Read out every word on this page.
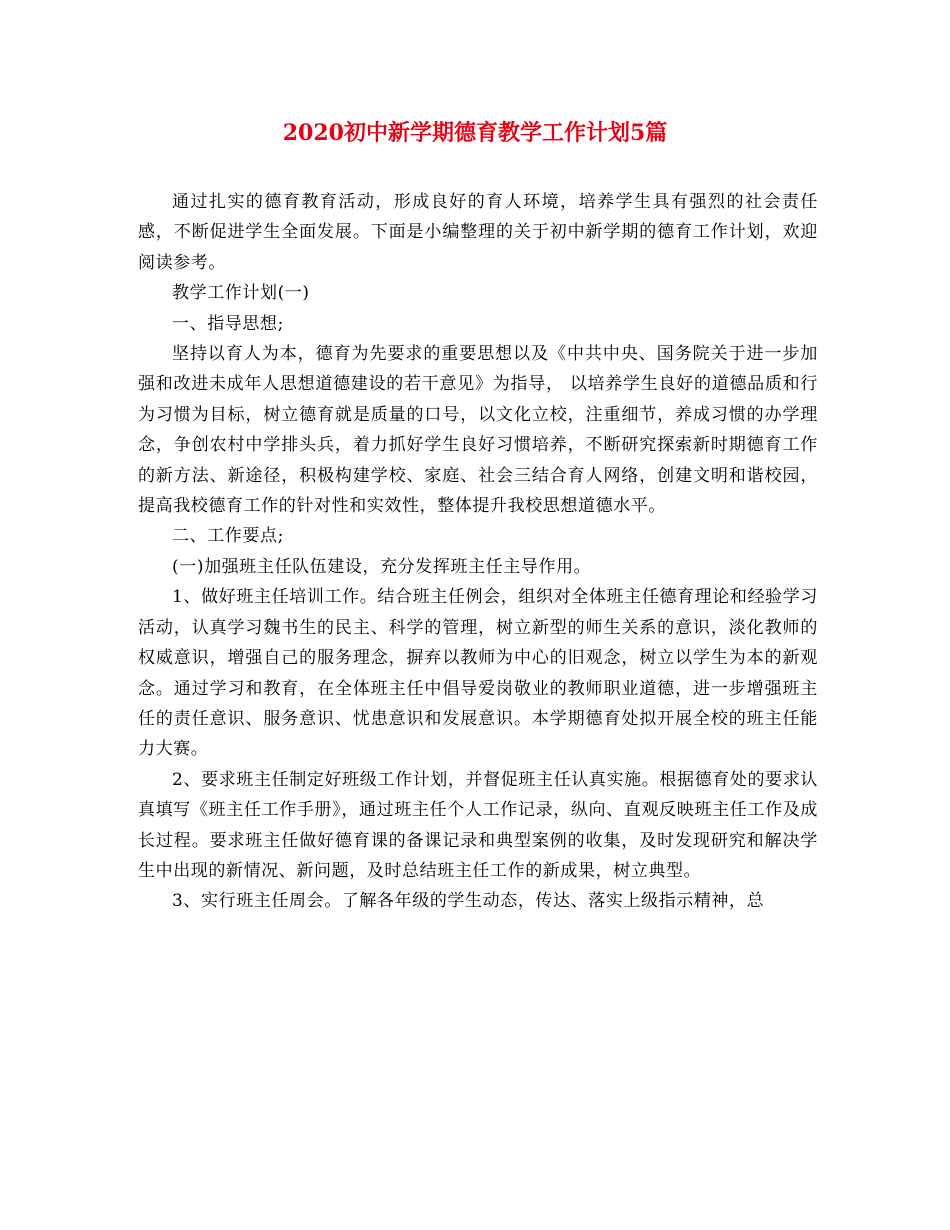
2020初中新学期德育教学工作计划5篇

通过扎实的德育教育活动，形成良好的育人环境，培养学生具有强烈的社会责任感，不断促进学生全面发展。下面是小编整理的关于初中新学期的德育工作计划，欢迎阅读参考。

教学工作计划(一)

一、指导思想;

坚持以育人为本，德育为先要求的重要思想以及《中共中央、国务院关于进一步加强和改进未成年人思想道德建设的若干意见》为指导， 以培养学生良好的道德品质和行为习惯为目标，树立德育就是质量的口号，以文化立校，注重细节，养成习惯的办学理念，争创农村中学排头兵，着力抓好学生良好习惯培养，不断研究探索新时期德育工作的新方法、新途径，积极构建学校、家庭、社会三结合育人网络，创建文明和谐校园，提高我校德育工作的针对性和实效性，整体提升我校思想道德水平。

二、工作要点;

(一)加强班主任队伍建设，充分发挥班主任主导作用。

1、做好班主任培训工作。结合班主任例会，组织对全体班主任德育理论和经验学习活动，认真学习魏书生的民主、科学的管理，树立新型的师生关系的意识，淡化教师的权威意识，增强自己的服务理念，摒弃以教师为中心的旧观念，树立以学生为本的新观念。通过学习和教育，在全体班主任中倡导爱岗敬业的教师职业道德，进一步增强班主任的责任意识、服务意识、忧患意识和发展意识。本学期德育处拟开展全校的班主任能力大赛。

2、要求班主任制定好班级工作计划，并督促班主任认真实施。根据德育处的要求认真填写《班主任工作手册》，通过班主任个人工作记录，纵向、直观反映班主任工作及成长过程。要求班主任做好德育课的备课记录和典型案例的收集，及时发现研究和解决学生中出现的新情况、新问题，及时总结班主任工作的新成果，树立典型。

3、实行班主任周会。了解各年级的学生动态，传达、落实上级指示精神，总
